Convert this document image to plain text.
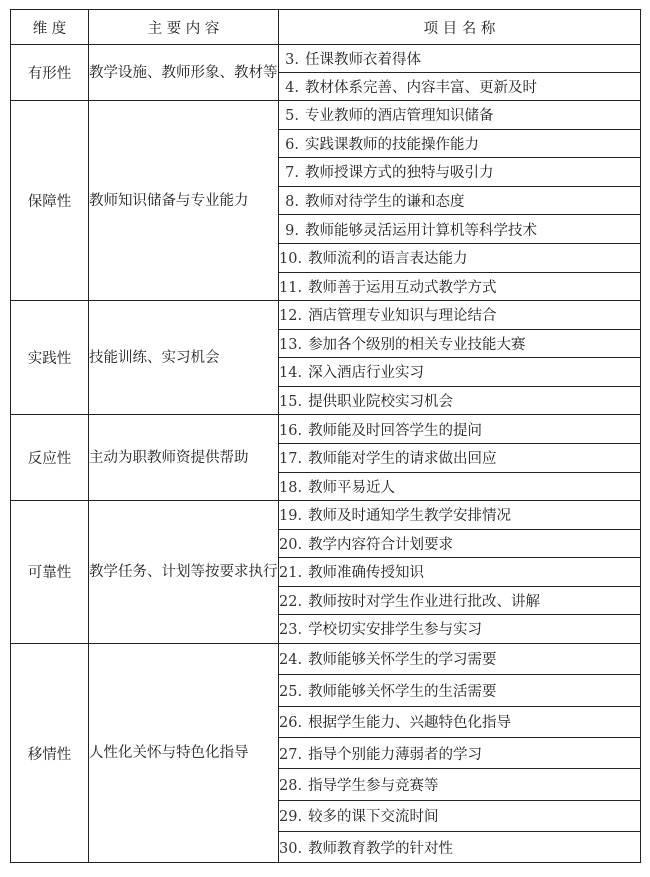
维 度	主 要 内 容	项 目 名 称
有形性	教学设施、教师形象、教材等	3. 任课教师衣着得体
		4. 教材体系完善、内容丰富、更新及时
保障性	教师知识储备与专业能力	5. 专业教师的酒店管理知识储备
		6. 实践课教师的技能操作能力
		7. 教师授课方式的独特与吸引力
		8. 教师对待学生的谦和态度
		9. 教师能够灵活运用计算机等科学技术
		10. 教师流利的语言表达能力
		11. 教师善于运用互动式教学方式
实践性	技能训练、实习机会	12. 酒店管理专业知识与理论结合
		13. 参加各个级别的相关专业技能大赛
		14. 深入酒店行业实习
		15. 提供职业院校实习机会
反应性	主动为职教师资提供帮助	16. 教师能及时回答学生的提问
		17. 教师能对学生的请求做出回应
		18. 教师平易近人
可靠性	教学任务、计划等按要求执行	19. 教师及时通知学生教学安排情况
		20. 教学内容符合计划要求
		21. 教师准确传授知识
		22. 教师按时对学生作业进行批改、讲解
		23. 学校切实安排学生参与实习
移情性	人性化关怀与特色化指导	24. 教师能够关怀学生的学习需要
		25. 教师能够关怀学生的生活需要
		26. 根据学生能力、兴趣特色化指导
		27. 指导个别能力薄弱者的学习
		28. 指导学生参与竞赛等
		29. 较多的课下交流时间
		30. 教师教育教学的针对性
